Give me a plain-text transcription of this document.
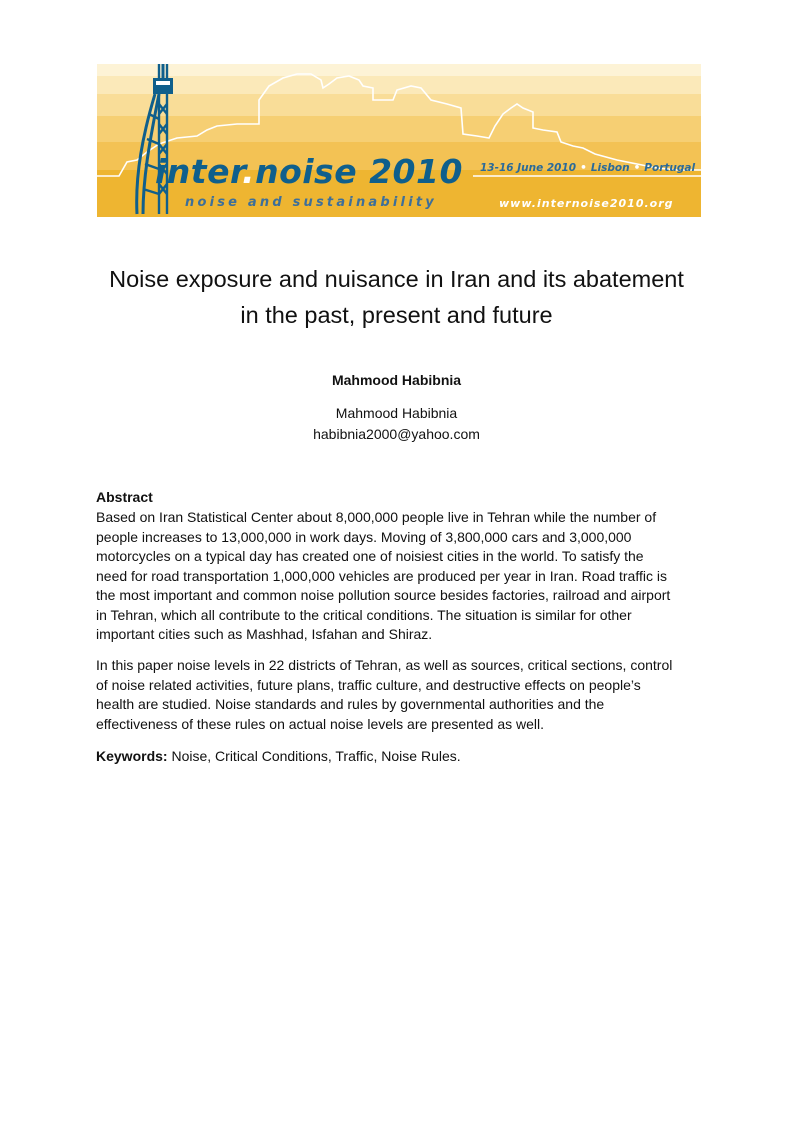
inter.noise 2010

noise and sustainability

13-16 June 2010 • Lisbon • Portugal

www.internoise2010.org

Noise exposure and nuisance in Iran and its abatement
in the past, present and future

Mahmood Habibnia

Mahmood Habibnia
habibnia2000@yahoo.com

Abstract

Based on Iran Statistical Center about 8,000,000 people live in Tehran while the number of
people increases to 13,000,000 in work days. Moving of 3,800,000 cars and 3,000,000
motorcycles on a typical day has created one of noisiest cities in the world. To satisfy the
need for road transportation 1,000,000 vehicles are produced per year in Iran. Road traffic is
the most important and common noise pollution source besides factories, railroad and airport
in Tehran, which all contribute to the critical conditions. The situation is similar for other
important cities such as Mashhad, Isfahan and Shiraz.

In this paper noise levels in 22 districts of Tehran, as well as sources, critical sections, control
of noise related activities, future plans, traffic culture, and destructive effects on people’s
health are studied. Noise standards and rules by governmental authorities and the
effectiveness of these rules on actual noise levels are presented as well.

Keywords: Noise, Critical Conditions, Traffic, Noise Rules.
